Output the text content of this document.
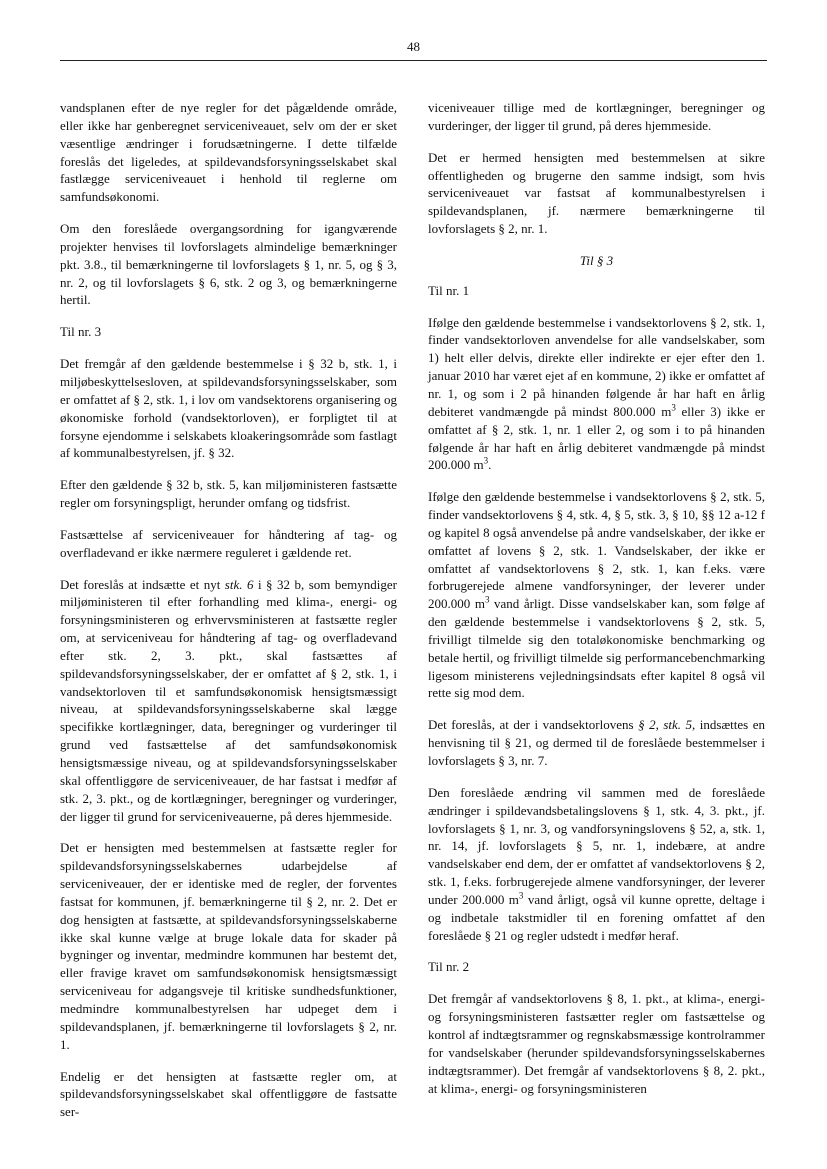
48

vandsplanen efter de nye regler for det pågældende område, eller ikke har genberegnet serviceniveauet, selv om der er sket væsentlige ændringer i forudsætningerne. I dette tilfælde foreslås det ligeledes, at spildevandsforsyningsselskabet skal fastlægge serviceniveauet i henhold til reglerne om samfundsøkonomi.

Om den foreslåede overgangsordning for igangværende projekter henvises til lovforslagets almindelige bemærkninger pkt. 3.8., til bemærkningerne til lovforslagets § 1, nr. 5, og § 3, nr. 2, og til lovforslagets § 6, stk. 2 og 3, og bemærkningerne hertil.

Til nr. 3

Det fremgår af den gældende bestemmelse i § 32 b, stk. 1, i miljøbeskyttelsesloven, at spildevandsforsyningsselskaber, som er omfattet af § 2, stk. 1, i lov om vandsektorens organisering og økonomiske forhold (vandsektorloven), er forpligtet til at forsyne ejendomme i selskabets kloakeringsområde som fastlagt af kommunalbestyrelsen, jf. § 32.

Efter den gældende § 32 b, stk. 5, kan miljøministeren fastsætte regler om forsyningspligt, herunder omfang og tidsfrist.

Fastsættelse af serviceniveauer for håndtering af tag- og overfladevand er ikke nærmere reguleret i gældende ret.

Det foreslås at indsætte et nyt stk. 6 i § 32 b, som bemyndiger miljøministeren til efter forhandling med klima-, energi- og forsyningsministeren og erhvervsministeren at fastsætte regler om, at serviceniveau for håndtering af tag- og overfladevand efter stk. 2, 3. pkt., skal fastsættes af spildevandsforsyningsselskaber, der er omfattet af § 2, stk. 1, i vandsektorloven til et samfundsøkonomisk hensigtsmæssigt niveau, at spildevandsforsyningsselskaberne skal lægge specifikke kortlægninger, data, beregninger og vurderinger til grund ved fastsættelse af det samfundsøkonomisk hensigtsmæssige niveau, og at spildevandsforsyningsselskaber skal offentliggøre de serviceniveauer, de har fastsat i medfør af stk. 2, 3. pkt., og de kortlægninger, beregninger og vurderinger, der ligger til grund for serviceniveauerne, på deres hjemmeside.

Det er hensigten med bestemmelsen at fastsætte regler for spildevandsforsyningsselskabernes udarbejdelse af serviceniveauer, der er identiske med de regler, der forventes fastsat for kommunen, jf. bemærkningerne til § 2, nr. 2. Det er dog hensigten at fastsætte, at spildevandsforsyningsselskaberne ikke skal kunne vælge at bruge lokale data for skader på bygninger og inventar, medmindre kommunen har bestemt det, eller fravige kravet om samfundsøkonomisk hensigtsmæssigt serviceniveau for adgangsveje til kritiske sundhedsfunktioner, medmindre kommunalbestyrelsen har udpeget dem i spildevandsplanen, jf. bemærkningerne til lovforslagets § 2, nr. 1.

Endelig er det hensigten at fastsætte regler om, at spildevandsforsyningsselskabet skal offentliggøre de fastsatte ser-

viceniveauer tillige med de kortlægninger, beregninger og vurderinger, der ligger til grund, på deres hjemmeside.

Det er hermed hensigten med bestemmelsen at sikre offentligheden og brugerne den samme indsigt, som hvis serviceniveauet var fastsat af kommunalbestyrelsen i spildevandsplanen, jf. nærmere bemærkningerne til lovforslagets § 2, nr. 1.

Til § 3

Til nr. 1

Ifølge den gældende bestemmelse i vandsektorlovens § 2, stk. 1, finder vandsektorloven anvendelse for alle vandselskaber, som 1) helt eller delvis, direkte eller indirekte er ejer efter den 1. januar 2010 har været ejet af en kommune, 2) ikke er omfattet af nr. 1, og som i 2 på hinanden følgende år har haft en årlig debiteret vandmængde på mindst 800.000 $m^3$ eller 3) ikke er omfattet af § 2, stk. 1, nr. 1 eller 2, og som i to på hinanden følgende år har haft en årlig debiteret vandmængde på mindst 200.000 $m^3$.

Ifølge den gældende bestemmelse i vandsektorlovens § 2, stk. 5, finder vandsektorlovens § 4, stk. 4, § 5, stk. 3, § 10, §§ 12 a-12 f og kapitel 8 også anvendelse på andre vandselskaber, der ikke er omfattet af lovens § 2, stk. 1. Vandselskaber, der ikke er omfattet af vandsektorlovens § 2, stk. 1, kan f.eks. være forbrugerejede almene vandforsyninger, der leverer under 200.000 $m^3$ vand årligt. Disse vandselskaber kan, som følge af den gældende bestemmelse i vandsektorlovens § 2, stk. 5, frivilligt tilmelde sig den totaløkonomiske benchmarking og betale hertil, og frivilligt tilmelde sig performancebenchmarking ligesom ministerens vejledningsindsats efter kapitel 8 også vil rette sig mod dem.

Det foreslås, at der i vandsektorlovens § 2, stk. 5, indsættes en henvisning til § 21, og dermed til de foreslåede bestemmelser i lovforslagets § 3, nr. 7.

Den foreslåede ændring vil sammen med de foreslåede ændringer i spildevandsbetalingslovens § 1, stk. 4, 3. pkt., jf. lovforslagets § 1, nr. 3, og vandforsyningslovens § 52, a, stk. 1, nr. 14, jf. lovforslagets § 5, nr. 1, indebære, at andre vandselskaber end dem, der er omfattet af vandsektorlovens § 2, stk. 1, f.eks. forbrugerejede almene vandforsyninger, der leverer under 200.000 $m^3$ vand årligt, også vil kunne oprette, deltage i og indbetale takstmidler til en forening omfattet af den foreslåede § 21 og regler udstedt i medfør heraf.

Til nr. 2

Det fremgår af vandsektorlovens § 8, 1. pkt., at klima-, energi- og forsyningsministeren fastsætter regler om fastsættelse og kontrol af indtægtsrammer og regnskabsmæssige kontrolrammer for vandselskaber (herunder spildevandsforsyningsselskabernes indtægtsrammer). Det fremgår af vandsektorlovens § 8, 2. pkt., at klima-, energi- og forsyningsministeren
